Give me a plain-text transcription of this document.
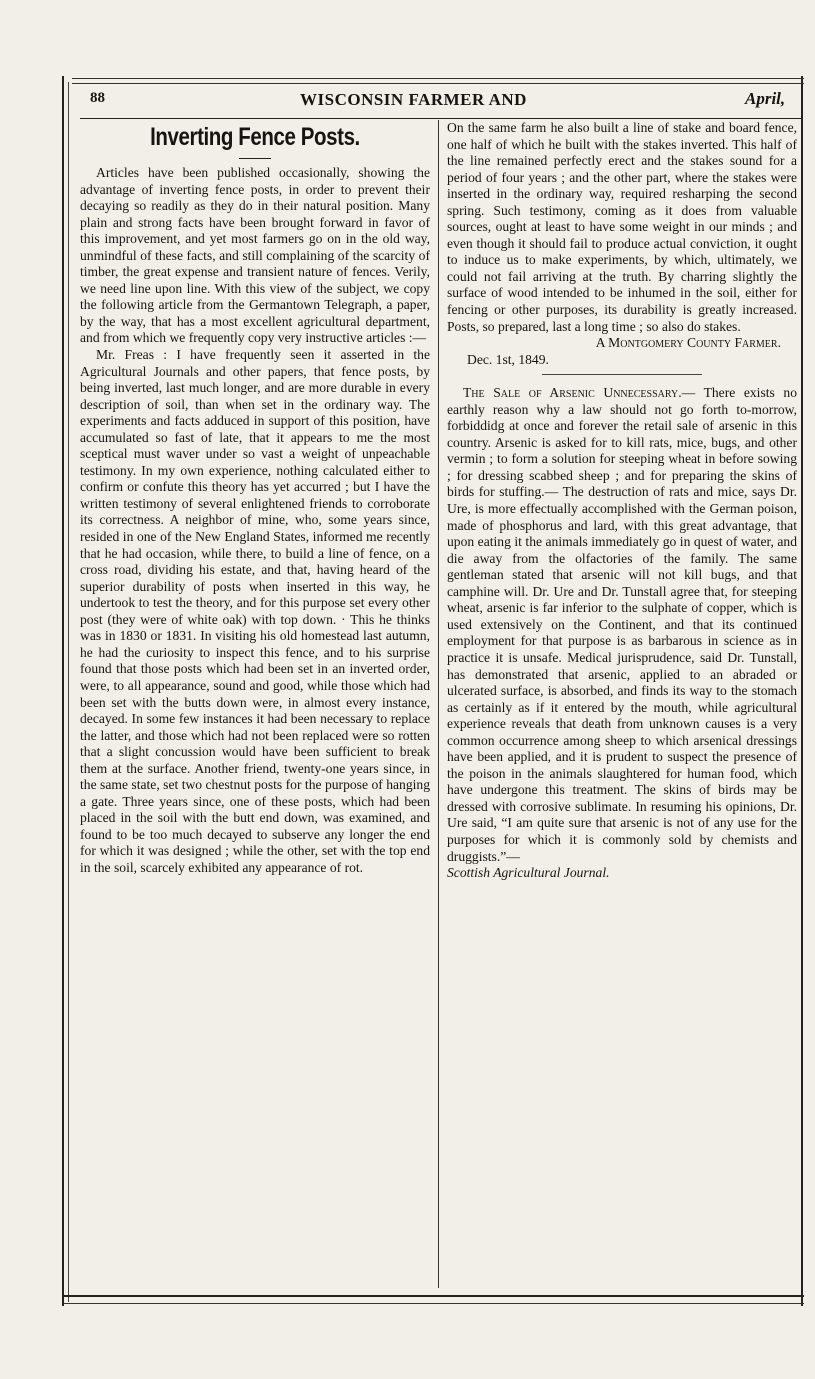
88	WISCONSIN FARMER AND	April,
Inverting Fence Posts.

Articles have been published occasionally, showing the advantage of inverting fence posts, in order to prevent their decaying so readily as they do in their natural position. Many plain and strong facts have been brought forward in favor of this improvement, and yet most farmers go on in the old way, unmindful of these facts, and still complaining of the scarcity of timber, the great expense and transient nature of fences. Verily, we need line upon line. With this view of the subject, we copy the following article from the Germantown Telegraph, a paper, by the way, that has a most excellent agricultural department, and from which we frequently copy very instructive articles :—

Mr. Freas : I have frequently seen it asserted in the Agricultural Journals and other papers, that fence posts, by being inverted, last much longer, and are more durable in every description of soil, than when set in the ordinary way. The experiments and facts adduced in support of this position, have accumulated so fast of late, that it appears to me the most sceptical must waver under so vast a weight of unpeachable testimony. In my own experience, nothing calculated either to confirm or confute this theory has yet accurred ; but I have the written testimony of several enlightened friends to corroborate its correctness. A neighbor of mine, who, some years since, resided in one of the New England States, informed me recently that he had occasion, while there, to build a line of fence, on a cross road, dividing his estate, and that, having heard of the superior durability of posts when inserted in this way, he undertook to test the theory, and for this purpose set every other post (they were of white oak) with top down. · This he thinks was in 1830 or 1831. In visiting his old homestead last autumn, he had the curiosity to inspect this fence, and to his surprise found that those posts which had been set in an inverted order, were, to all appearance, sound and good, while those which had been set with the butts down were, in almost every instance, decayed. In some few instances it had been necessary to replace the latter, and those which had not been replaced were so rotten that a slight concussion would have been sufficient to break them at the surface. Another friend, twenty-one years since, in the same state, set two chestnut posts for the purpose of hanging a gate. Three years since, one of these posts, which had been placed in the soil with the butt end down, was examined, and found to be too much decayed to subserve any longer the end for which it was designed ; while the other, set with the top end in the soil, scarcely exhibited any appearance of rot.

On the same farm he also built a line of stake and board fence, one half of which he built with the stakes inverted. This half of the line remained perfectly erect and the stakes sound for a period of four years ; and the other part, where the stakes were inserted in the ordinary way, required resharping the second spring. Such testimony, coming as it does from valuable sources, ought at least to have some weight in our minds ; and even though it should fail to produce actual conviction, it ought to induce us to make experiments, by which, ultimately, we could not fail arriving at the truth. By charring slightly the surface of wood intended to be inhumed in the soil, either for fencing or other purposes, its durability is greatly increased. Posts, so prepared, last a long time ; so also do stakes.

A Montgomery County Farmer.
Dec. 1st, 1849.

The Sale of Arsenic Unnecessary.— There exists no earthly reason why a law should not go forth to-morrow, forbiddidg at once and forever the retail sale of arsenic in this country. Arsenic is asked for to kill rats, mice, bugs, and other vermin ; to form a solution for steeping wheat in before sowing ; for dressing scabbed sheep ; and for preparing the skins of birds for stuffing.— The destruction of rats and mice, says Dr. Ure, is more effectually accomplished with the German poison, made of phosphorus and lard, with this great advantage, that upon eating it the animals immediately go in quest of water, and die away from the olfactories of the family. The same gentleman stated that arsenic will not kill bugs, and that camphine will. Dr. Ure and Dr. Tunstall agree that, for steeping wheat, arsenic is far inferior to the sulphate of copper, which is used extensively on the Continent, and that its continued employment for that purpose is as barbarous in science as in practice it is unsafe. Medical jurisprudence, said Dr. Tunstall, has demonstrated that arsenic, applied to an abraded or ulcerated surface, is absorbed, and finds its way to the stomach as certainly as if it entered by the mouth, while agricultural experience reveals that death from unknown causes is a very common occurrence among sheep to which arsenical dressings have been applied, and it is prudent to suspect the presence of the poison in the animals slaughtered for human food, which have undergone this treatment. The skins of birds may be dressed with corrosive sublimate. In resuming his opinions, Dr. Ure said, “I am quite sure that arsenic is not of any use for the purposes for which it is commonly sold by chemists and druggists.”—

Scottish Agricultural Journal.
